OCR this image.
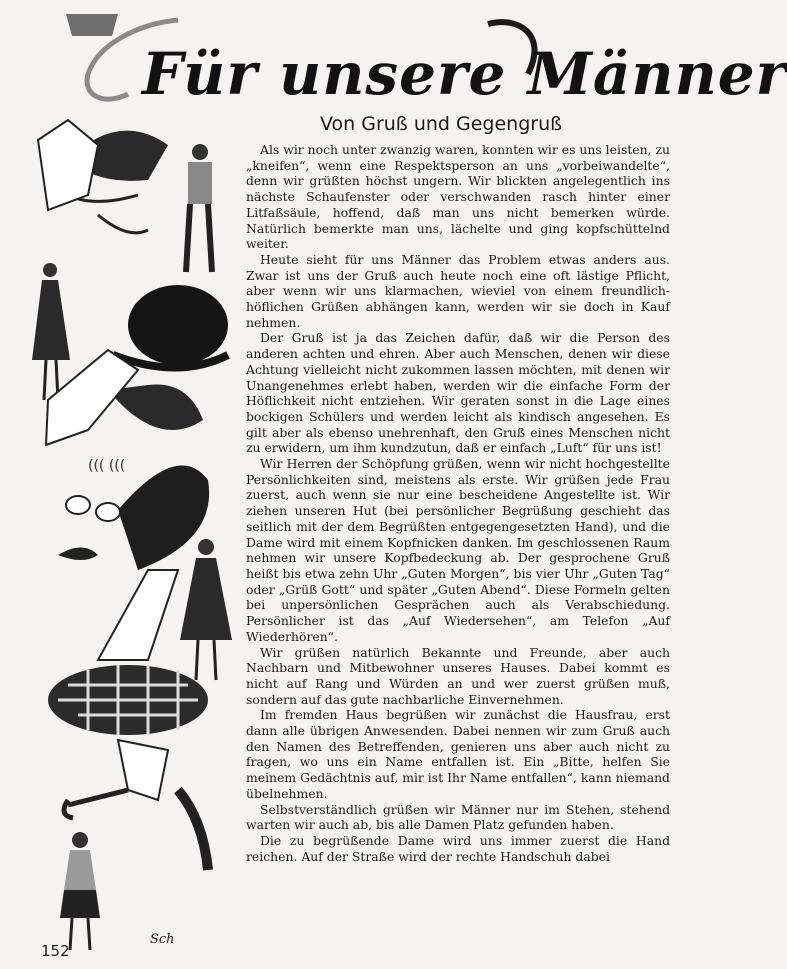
Für unsere Männer
Von Gruß und Gegengruß
((( (((

Als wir noch unter zwanzig waren, konnten wir es uns leisten, zu „kneifen“, wenn eine Respektsperson an uns „vorbeiwandelte“, denn wir grüßten höchst ungern. Wir blickten angelegentlich ins nächste Schaufenster oder verschwanden rasch hinter einer Litfaßsäule, hoffend, daß man uns nicht bemerken würde. Natürlich bemerkte man uns, lächelte und ging kopfschüttelnd weiter.

Heute sieht für uns Männer das Problem etwas anders aus. Zwar ist uns der Gruß auch heute noch eine oft lästige Pflicht, aber wenn wir uns klarmachen, wieviel von einem freundlich-höflichen Grüßen abhängen kann, werden wir sie doch in Kauf nehmen.

Der Gruß ist ja das Zeichen dafür, daß wir die Person des anderen achten und ehren. Aber auch Menschen, denen wir diese Achtung vielleicht nicht zukommen lassen möchten, mit denen wir Unangenehmes erlebt haben, werden wir die einfache Form der Höflichkeit nicht entziehen. Wir geraten sonst in die Lage eines bockigen Schülers und werden leicht als kindisch angesehen. Es gilt aber als ebenso unehrenhaft, den Gruß eines Menschen nicht zu erwidern, um ihm kundzutun, daß er einfach „Luft“ für uns ist!

Wir Herren der Schöpfung grüßen, wenn wir nicht hochgestellte Persönlichkeiten sind, meistens als erste. Wir grüßen jede Frau zuerst, auch wenn sie nur eine bescheidene Angestellte ist. Wir ziehen unseren Hut (bei persönlicher Begrüßung geschieht das seitlich mit der dem Begrüßten entgegengesetzten Hand), und die Dame wird mit einem Kopfnicken danken. Im geschlossenen Raum nehmen wir unsere Kopfbedeckung ab. Der gesprochene Gruß heißt bis etwa zehn Uhr „Guten Morgen“, bis vier Uhr „Guten Tag“ oder „Grüß Gott“ und später „Guten Abend“. Diese Formeln gelten bei unpersönlichen Gesprächen auch als Verabschiedung. Persönlicher ist das „Auf Wiedersehen“, am Telefon „Auf Wiederhören“.

Wir grüßen natürlich Bekannte und Freunde, aber auch Nachbarn und Mitbewohner unseres Hauses. Dabei kommt es nicht auf Rang und Würden an und wer zuerst grüßen muß, sondern auf das gute nachbarliche Einvernehmen.

Im fremden Haus begrüßen wir zunächst die Hausfrau, erst dann alle übrigen Anwesenden. Dabei nennen wir zum Gruß auch den Namen des Betreffenden, genieren uns aber auch nicht zu fragen, wo uns ein Name entfallen ist. Ein „Bitte, helfen Sie meinem Gedächtnis auf, mir ist Ihr Name entfallen“, kann niemand übelnehmen.

Selbstverständlich grüßen wir Männer nur im Stehen, stehend warten wir auch ab, bis alle Damen Platz gefunden haben.

Die zu begrüßende Dame wird uns immer zuerst die Hand reichen. Auf der Straße wird der rechte Handschuh dabei

152
Sch
